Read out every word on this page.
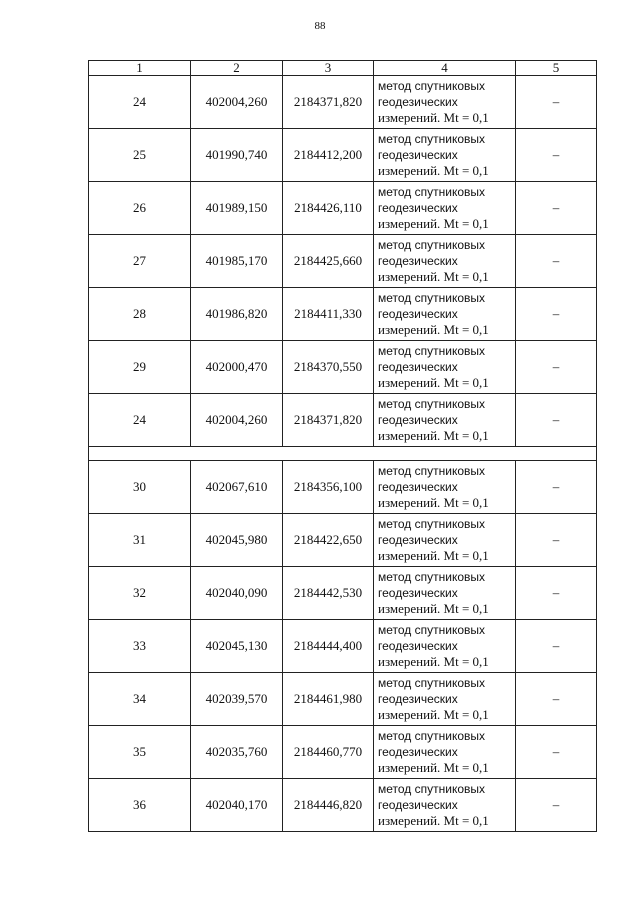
88
1	2	3	4	5
24	402004,260	2184371,820	метод спутниковых
геодезических
измерений. Mt = 0,1	–
25	401990,740	2184412,200	метод спутниковых
геодезических
измерений. Mt = 0,1	–
26	401989,150	2184426,110	метод спутниковых
геодезических
измерений. Mt = 0,1	–
27	401985,170	2184425,660	метод спутниковых
геодезических
измерений. Mt = 0,1	–
28	401986,820	2184411,330	метод спутниковых
геодезических
измерений. Mt = 0,1	–
29	402000,470	2184370,550	метод спутниковых
геодезических
измерений. Mt = 0,1	–
24	402004,260	2184371,820	метод спутниковых
геодезических
измерений. Mt = 0,1	–

30	402067,610	2184356,100	метод спутниковых
геодезических
измерений. Mt = 0,1	–
31	402045,980	2184422,650	метод спутниковых
геодезических
измерений. Mt = 0,1	–
32	402040,090	2184442,530	метод спутниковых
геодезических
измерений. Mt = 0,1	–
33	402045,130	2184444,400	метод спутниковых
геодезических
измерений. Mt = 0,1	–
34	402039,570	2184461,980	метод спутниковых
геодезических
измерений. Mt = 0,1	–
35	402035,760	2184460,770	метод спутниковых
геодезических
измерений. Mt = 0,1	–
36	402040,170	2184446,820	метод спутниковых
геодезических
измерений. Mt = 0,1	–
